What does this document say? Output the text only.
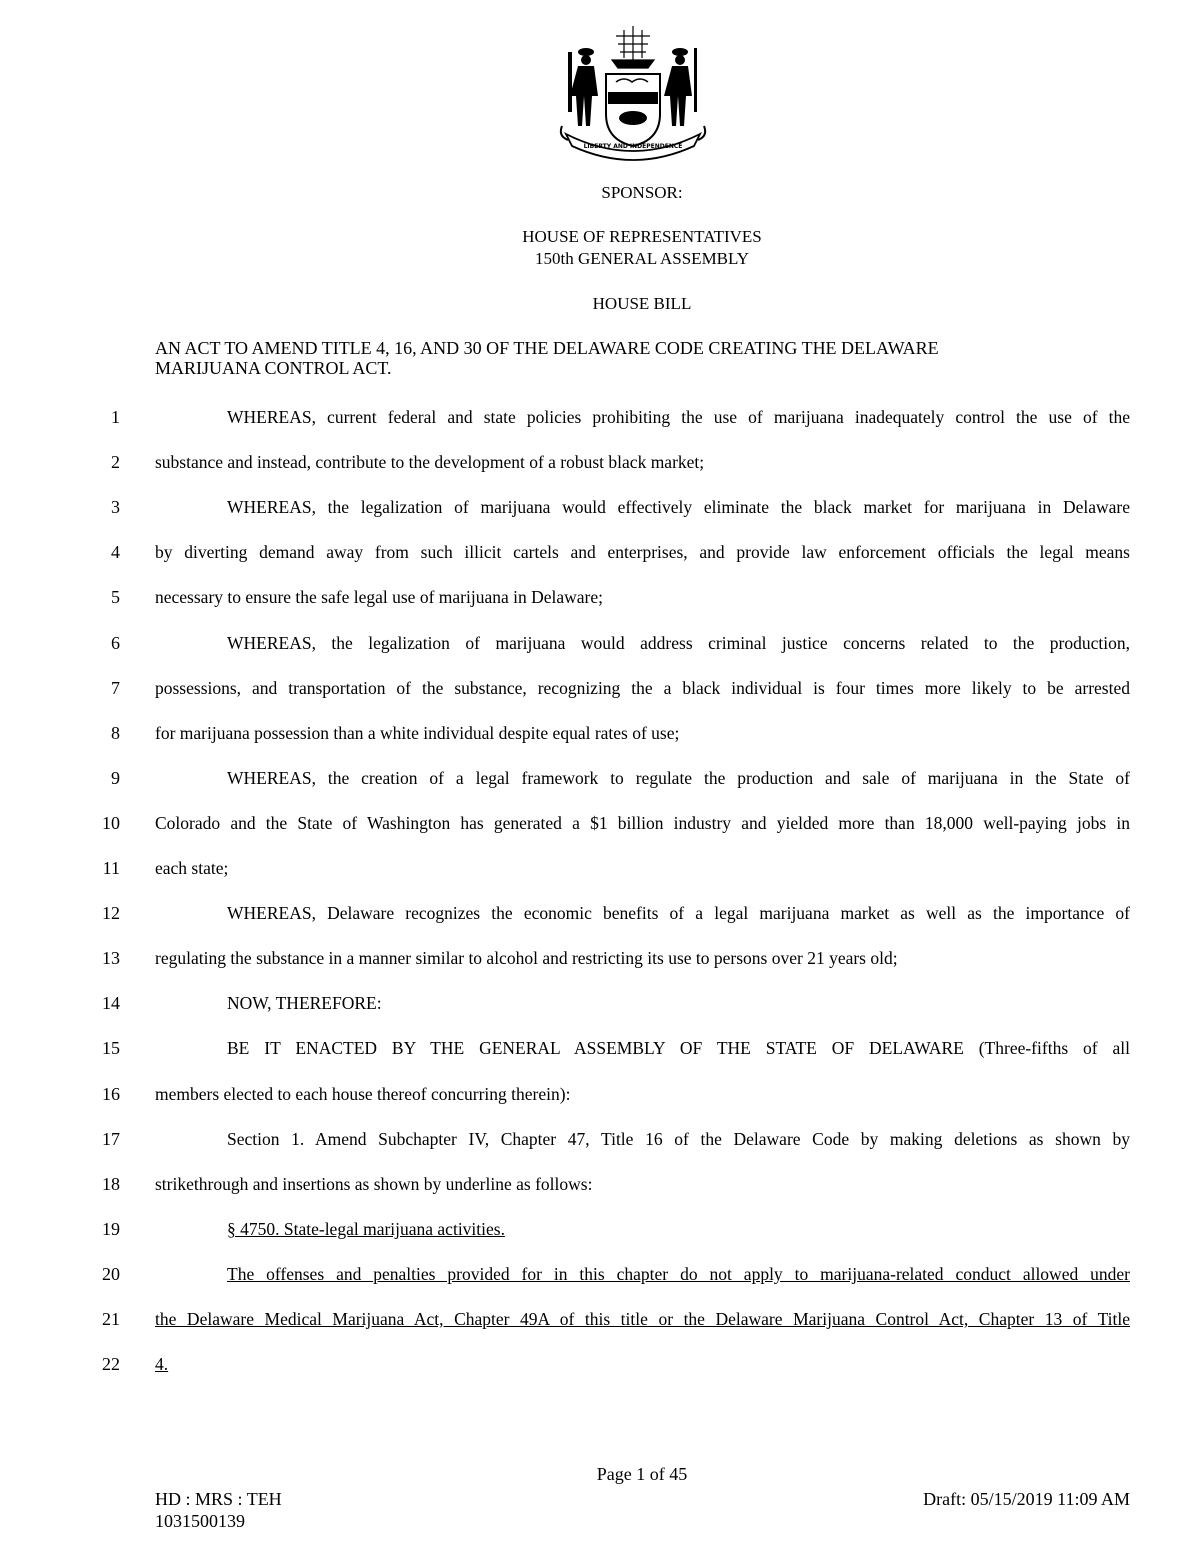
LIBERTY AND INDEPENDENCE
SPONSOR:
HOUSE OF REPRESENTATIVES
150th GENERAL ASSEMBLY
HOUSE BILL
AN ACT TO AMEND TITLE 4, 16, AND 30 OF THE DELAWARE CODE CREATING THE DELAWARE
MARIJUANA CONTROL ACT.
1	WHEREAS, current federal and state policies prohibiting the use of marijuana inadequately control the use of the
2 substance and instead, contribute to the development of a robust black market;
3	WHEREAS, the legalization of marijuana would effectively eliminate the black market for marijuana in Delaware
4 by diverting demand away from such illicit cartels and enterprises, and provide law enforcement officials the legal means
5 necessary to ensure the safe legal use of marijuana in Delaware;
6	WHEREAS, the legalization of marijuana would address criminal justice concerns related to the production,
7 possessions, and transportation of the substance, recognizing the a black individual is four times more likely to be arrested
8 for marijuana possession than a white individual despite equal rates of use;
9	WHEREAS, the creation of a legal framework to regulate the production and sale of marijuana in the State of
10 Colorado and the State of Washington has generated a $1 billion industry and yielded more than 18,000 well-paying jobs in
11 each state;
12	WHEREAS, Delaware recognizes the economic benefits of a legal marijuana market as well as the importance of
13 regulating the substance in a manner similar to alcohol and restricting its use to persons over 21 years old;
14	NOW, THEREFORE:
15	BE IT ENACTED BY THE GENERAL ASSEMBLY OF THE STATE OF DELAWARE (Three-fifths of all
16 members elected to each house thereof concurring therein):
17	Section 1. Amend Subchapter IV, Chapter 47, Title 16 of the Delaware Code by making deletions as shown by
18 strikethrough and insertions as shown by underline as follows:
19	§ 4750. State-legal marijuana activities.
20	The offenses and penalties provided for in this chapter do not apply to marijuana-related conduct allowed under
21 the Delaware Medical Marijuana Act, Chapter 49A of this title or the Delaware Marijuana Control Act, Chapter 13 of Title
22 4.
Page 1 of 45
HD : MRS : TEH
1031500139
Draft: 05/15/2019 11:09 AM
